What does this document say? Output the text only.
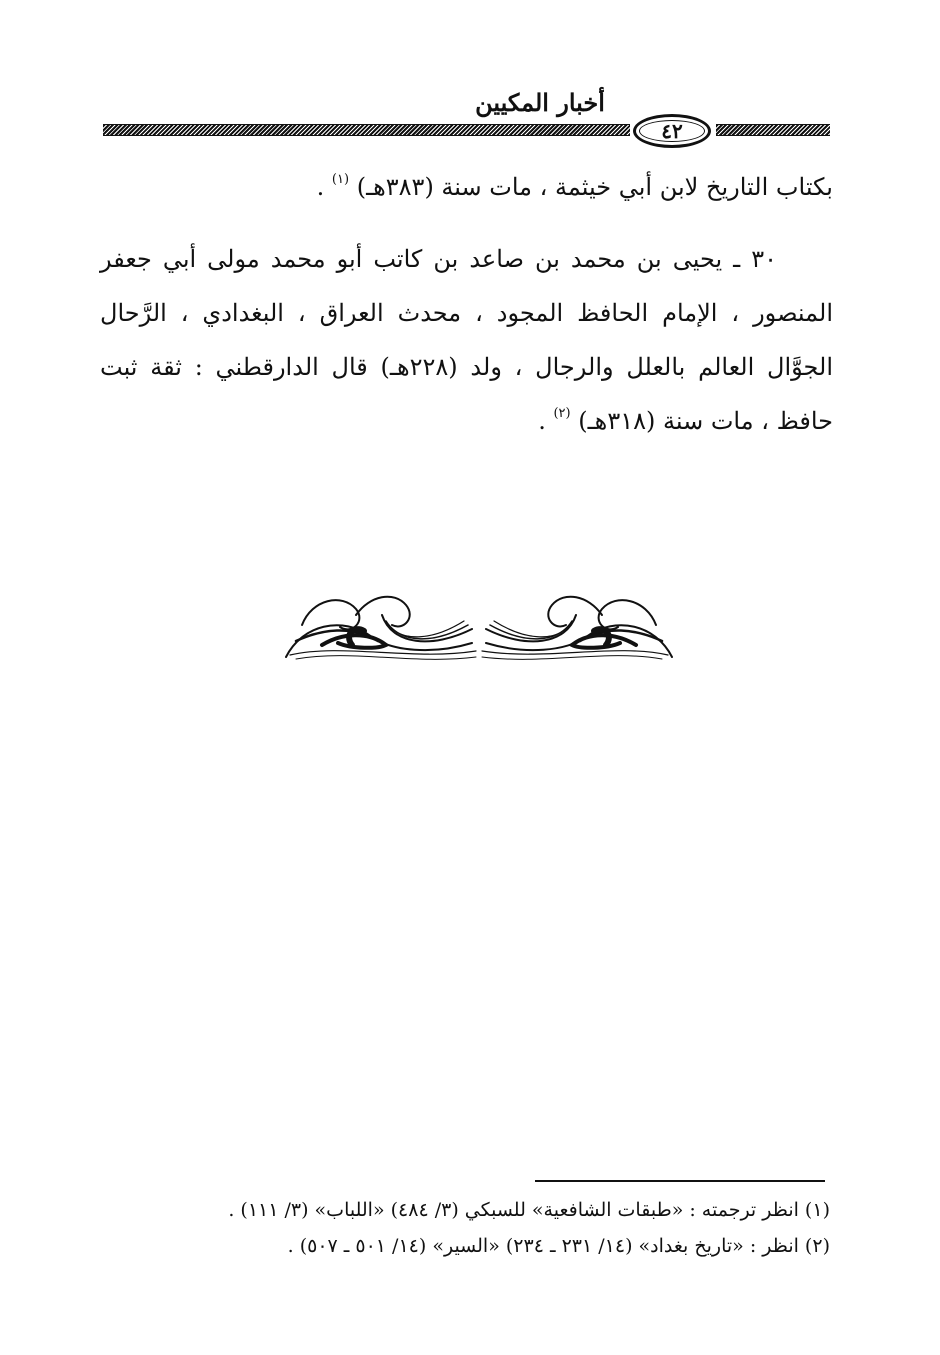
أخبار المكيين
٤٢

بكتاب التاريخ لابن أبي خيثمة ، مات سنة (٣٨٣هـ) $^{(١)}$ .

٣٠ ـ يحيى بن محمد بن صاعد بن كاتب أبو محمد مولى أبي جعفر المنصور ، الإمام الحافظ المجود ، محدث العراق ، البغدادي ، الرَّحال الجوَّال العالم بالعلل والرجال ، ولد (٢٢٨هـ) قال الدارقطني : ثقة ثبت حافظ ، مات سنة (٣١٨هـ) $^{(٢)}$ .

(١) انظر ترجمته : «طبقات الشافعية» للسبكي (٣/ ٤٨٤) «اللباب» (٣/ ١١١) .

(٢) انظر : «تاريخ بغداد» (١٤/ ٢٣١ ـ ٢٣٤) «السير» (١٤/ ٥٠١ ـ ٥٠٧) .
